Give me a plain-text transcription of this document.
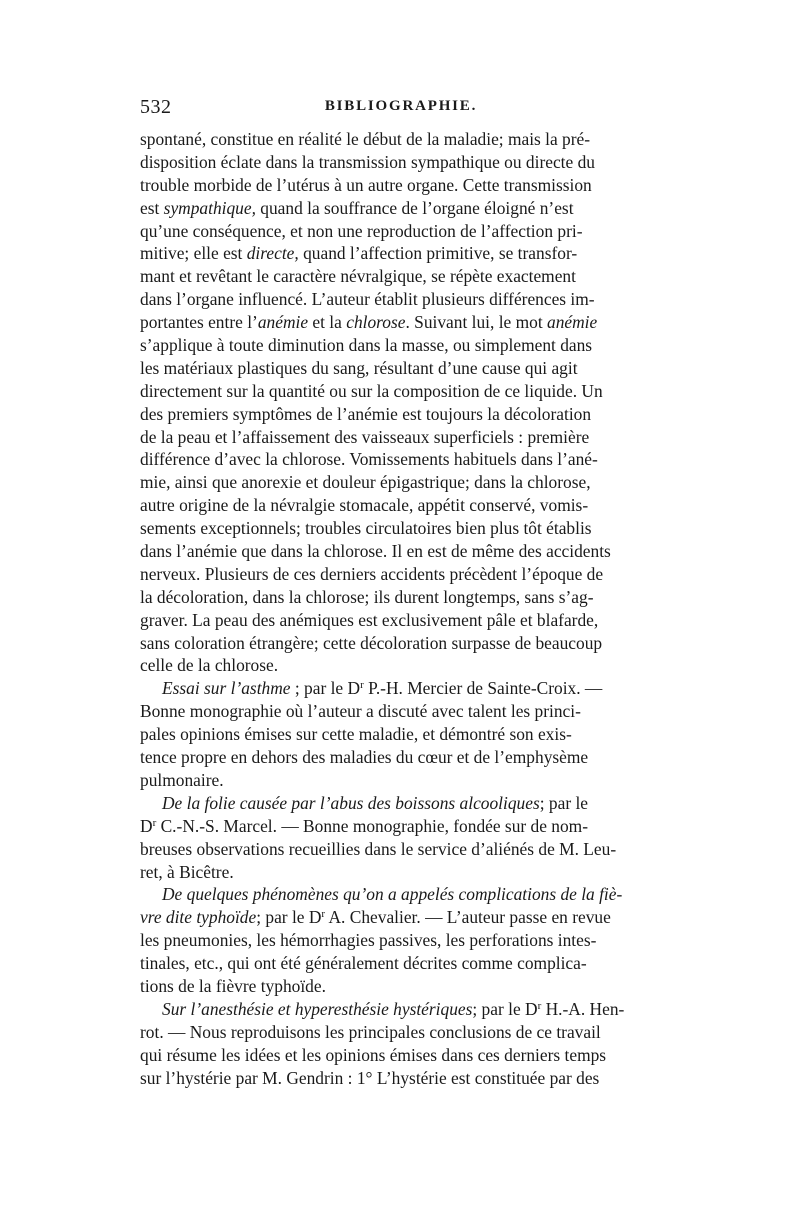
532	BIBLIOGRAPHIE.
spontané, constitue en réalité le début de la maladie; mais la pré-
disposition éclate dans la transmission sympathique ou directe du
trouble morbide de l’utérus à un autre organe. Cette transmission
est sympathique, quand la souffrance de l’organe éloigné n’est
qu’une conséquence, et non une reproduction de l’affection pri-
mitive; elle est directe, quand l’affection primitive, se transfor-
mant et revêtant le caractère névralgique, se répète exactement
dans l’organe influencé. L’auteur établit plusieurs différences im-
portantes entre l’anémie et la chlorose. Suivant lui, le mot anémie
s’applique à toute diminution dans la masse, ou simplement dans
les matériaux plastiques du sang, résultant d’une cause qui agit
directement sur la quantité ou sur la composition de ce liquide. Un
des premiers symptômes de l’anémie est toujours la décoloration
de la peau et l’affaissement des vaisseaux superficiels : première
différence d’avec la chlorose. Vomissements habituels dans l’ané-
mie, ainsi que anorexie et douleur épigastrique; dans la chlorose,
autre origine de la névralgie stomacale, appétit conservé, vomis-
sements exceptionnels; troubles circulatoires bien plus tôt établis
dans l’anémie que dans la chlorose. Il en est de même des accidents
nerveux. Plusieurs de ces derniers accidents précèdent l’époque de
la décoloration, dans la chlorose; ils durent longtemps, sans s’ag-
graver. La peau des anémiques est exclusivement pâle et blafarde,
sans coloration étrangère; cette décoloration surpasse de beaucoup
celle de la chlorose.
Essai sur l’asthme ; par le $D^r$ P.-H. Mercier de Sainte-Croix. —
Bonne monographie où l’auteur a discuté avec talent les princi-
pales opinions émises sur cette maladie, et démontré son exis-
tence propre en dehors des maladies du cœur et de l’emphysème
pulmonaire.
De la folie causée par l’abus des boissons alcooliques; par le
$D^r$ C.-N.-S. Marcel. — Bonne monographie, fondée sur de nom-
breuses observations recueillies dans le service d’aliénés de M. Leu-
ret, à Bicêtre.
De quelques phénomènes qu’on a appelés complications de la fiè-
vre dite typhoïde; par le $D^r$ A. Chevalier. — L’auteur passe en revue
les pneumonies, les hémorrhagies passives, les perforations intes-
tinales, etc., qui ont été généralement décrites comme complica-
tions de la fièvre typhoïde.
Sur l’anesthésie et hyperesthésie hystériques; par le $D^r$ H.-A. Hen-
rot. — Nous reproduisons les principales conclusions de ce travail
qui résume les idées et les opinions émises dans ces derniers temps
sur l’hystérie par M. Gendrin : 1° L’hystérie est constituée par des
